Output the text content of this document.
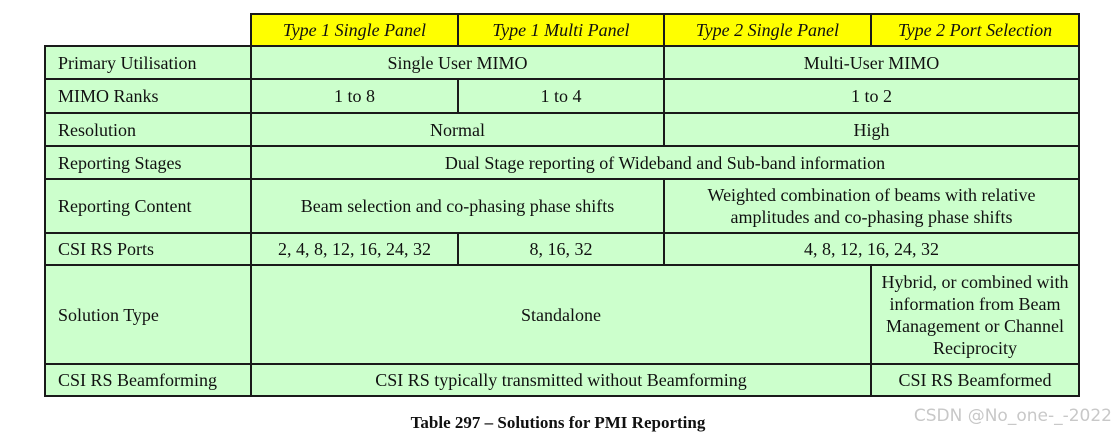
	Type 1 Single Panel	Type 1 Multi Panel	Type 2 Single Panel	Type 2 Port Selection
Primary Utilisation	Single User MIMO		Multi-User MIMO	
MIMO Ranks	1 to 8	1 to 4	1 to 2	
Resolution	Normal		High	
Reporting Stages	Dual Stage reporting of Wideband and Sub-band information			
Reporting Content	Beam selection and co-phasing phase shifts		Weighted combination of beams with relative amplitudes and co-phasing phase shifts	
CSI RS Ports	2, 4, 8, 12, 16, 24, 32	8, 16, 32	4, 8, 12, 16, 24, 32	
Solution Type	Standalone			Hybrid, or combined with information from Beam Management or Channel Reciprocity
CSI RS Beamforming	CSI RS typically transmitted without Beamforming			CSI RS Beamformed
Table 297 – Solutions for PMI Reporting	CSDN @No_one-_-2022
